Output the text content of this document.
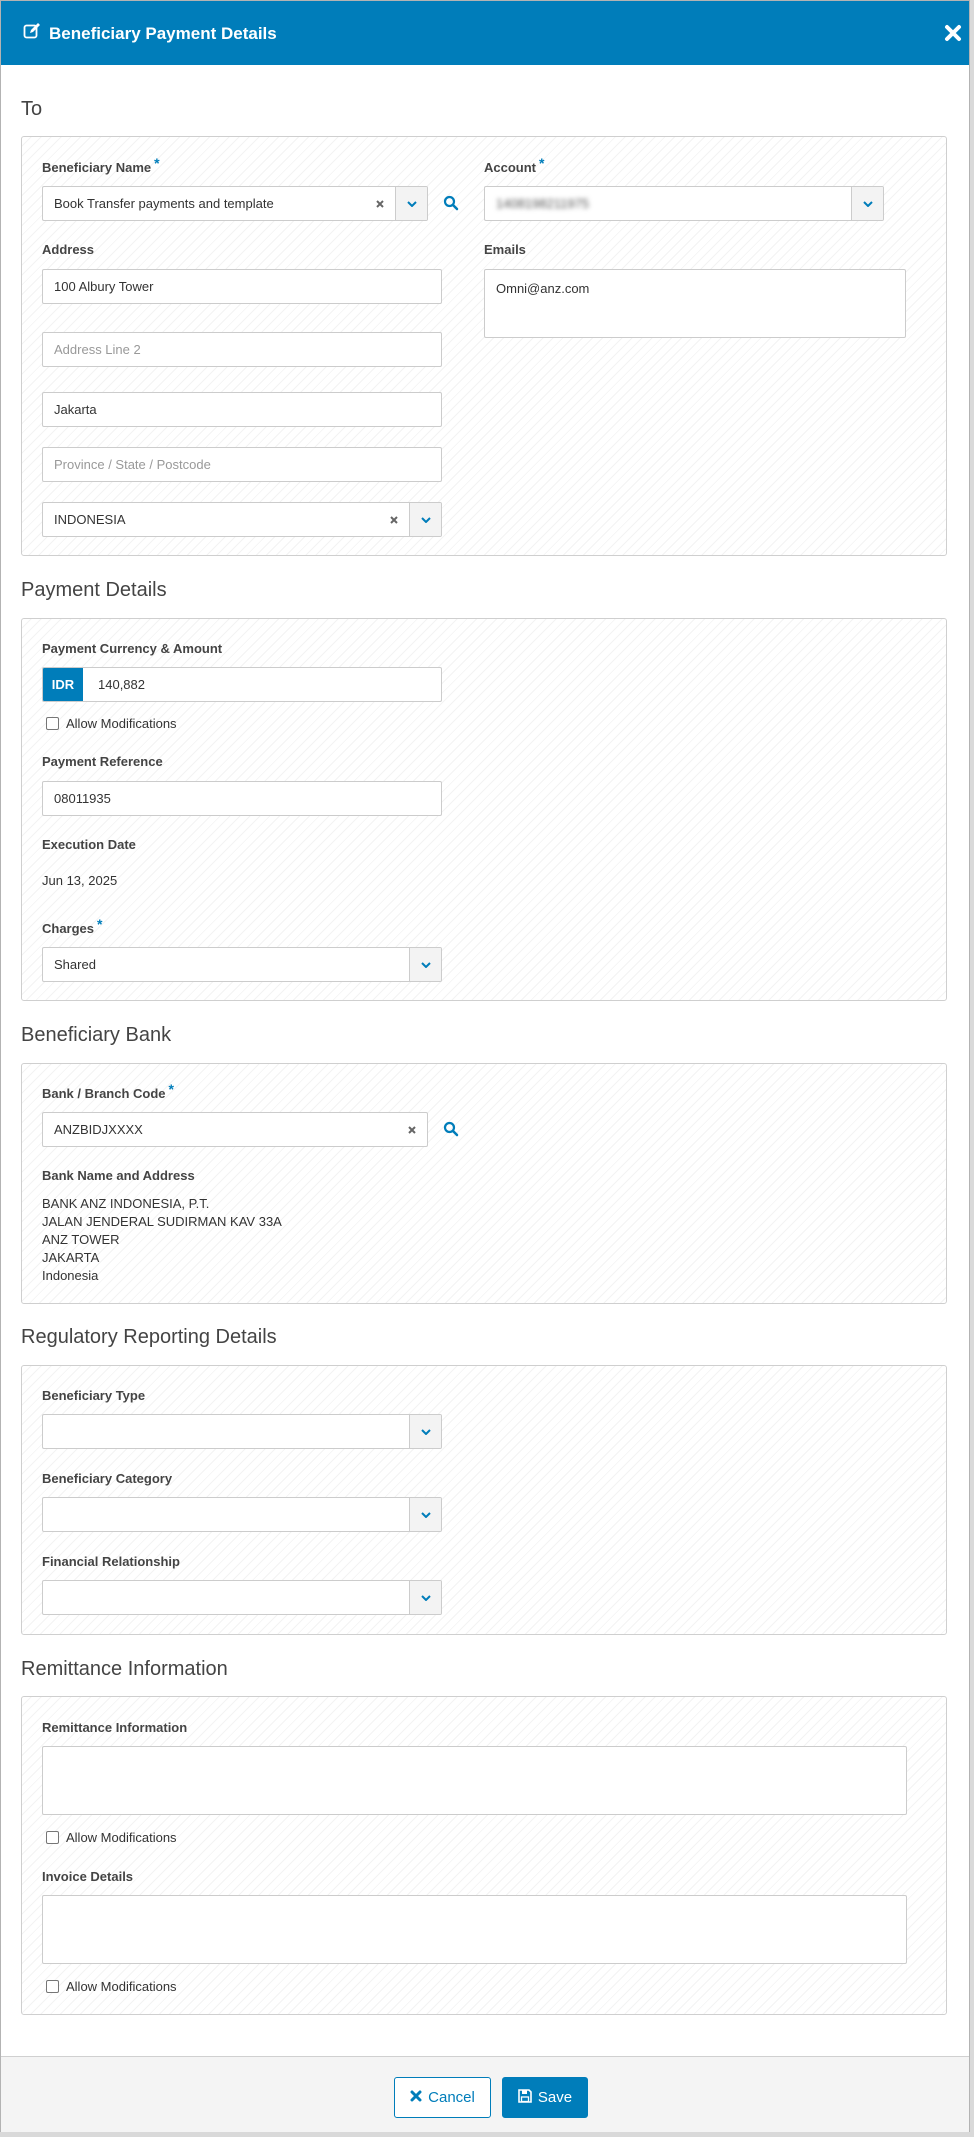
Beneficiary Payment Details
To
Beneficiary Name *
Book Transfer payments and template
Account *
1408198211975
Address
100 Albury Tower
Address Line 2
Jakarta
Province / State / Postcode
INDONESIA
Emails
Omni@anz.com
Payment Details
Payment Currency & Amount
IDR	140,882
Allow Modifications
Payment Reference
08011935
Execution Date
Jun 13, 2025
Charges *
Shared
Beneficiary Bank
Bank / Branch Code *
ANZBIDJXXXX
Bank Name and Address
BANK ANZ INDONESIA, P.T.
JALAN JENDERAL SUDIRMAN KAV 33A
ANZ TOWER
JAKARTA
Indonesia
Regulatory Reporting Details
Beneficiary Type
Beneficiary Category
Financial Relationship
Remittance Information
Remittance Information
Allow Modifications
Invoice Details
Allow Modifications
Cancel	Save
